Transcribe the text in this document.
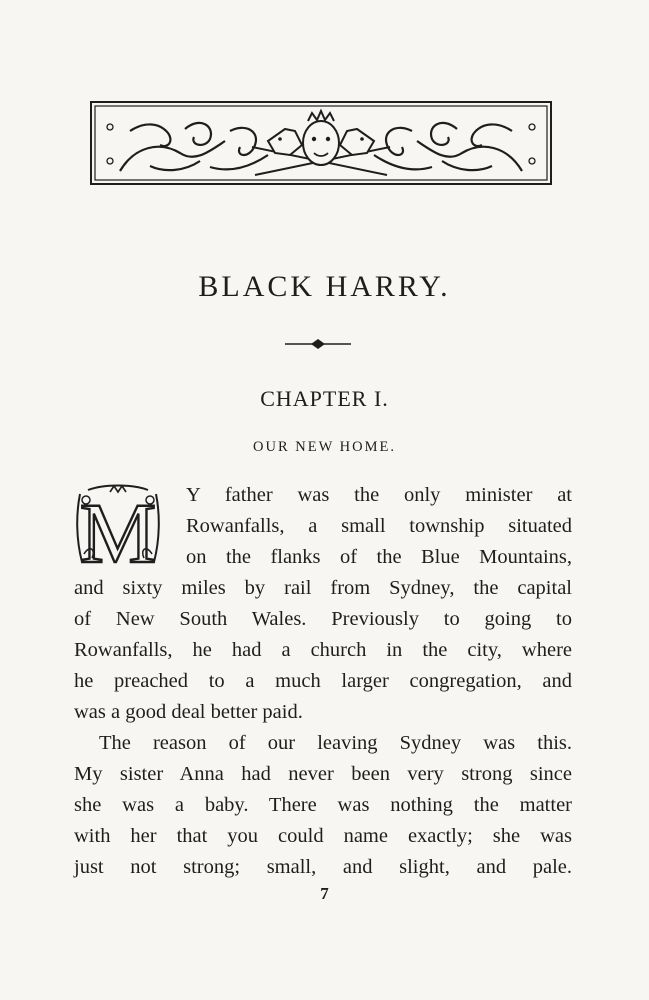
BLACK HARRY.
CHAPTER I.
OUR NEW HOME.
M Y father was the only minister at
Rowanfalls, a small township situated
on the flanks of the Blue Mountains,
and sixty miles by rail from Sydney, the capital
of New South Wales. Previously to going to
Rowanfalls, he had a church in the city, where
he preached to a much larger congregation, and
was a good deal better paid.
The reason of our leaving Sydney was this.
My sister Anna had never been very strong since
she was a baby. There was nothing the matter
with her that you could name exactly; she was
just not strong; small, and slight, and pale.
7
